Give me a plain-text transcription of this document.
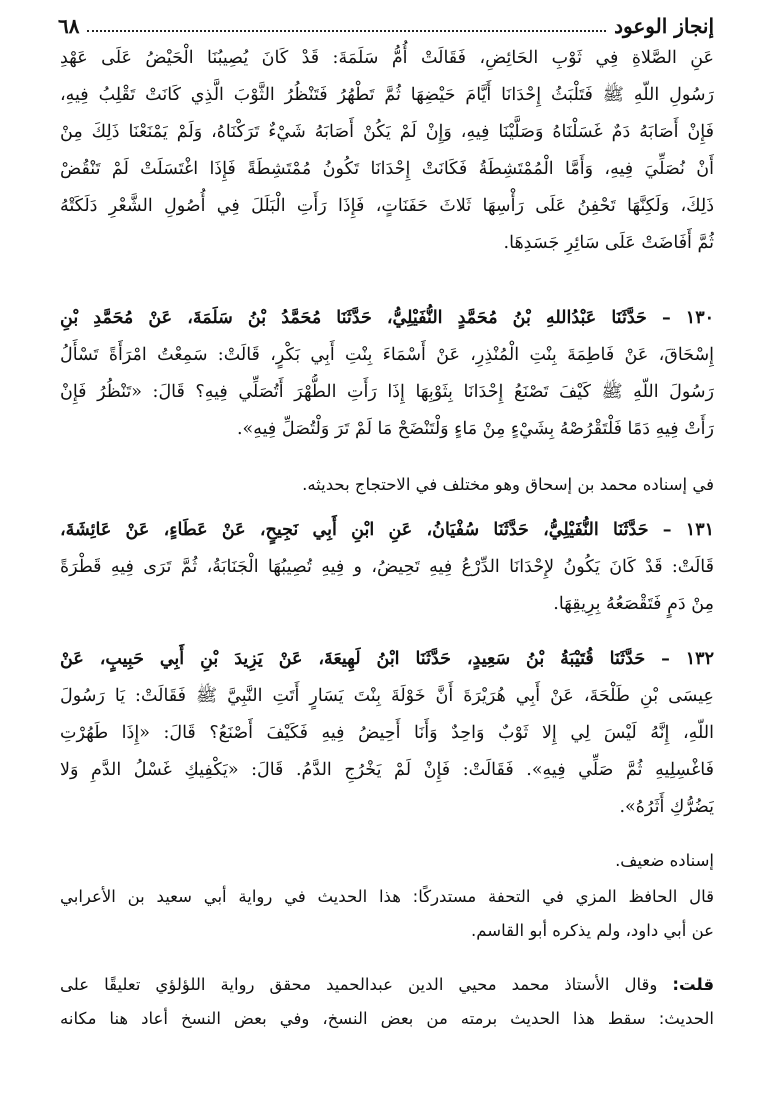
إنجاز الوعود
٦٨
عَنِ الصَّلاةِ فِي ثَوْبِ الحَائِضِ، فَقَالَتْ أُمُّ سَلَمَةَ: قَدْ كَانَ يُصِيبُنَا الْحَيْضُ عَلَى عَهْدِ
رَسُولِ اللّهِ ﷺ فَتَلْبَثُ إِحْدَانَا أَيَّامَ حَيْضِهَا ثُمَّ تَطْهُرُ فَتَنْظُرُ الثَّوْبَ الَّذِي كَانَتْ تَقْلِبُ فِيهِ،
فَإِنْ أَصَابَهُ دَمٌ غَسَلْنَاهُ وَصَلَّيْنَا فِيهِ، وَإِنْ لَمْ يَكُنْ أَصَابَهُ شَيْءٌ تَرَكْنَاهُ، وَلَمْ يَمْنَعْنَا ذَلِكَ مِنْ
أَنْ نُصَلِّيَ فِيهِ، وَأَمَّا الْمُمْتَشِطَةُ فَكَانَتْ إِحْدَانَا تَكُونُ مُمْتَشِطَةً فَإِذَا اغْتَسَلَتْ لَمْ تَنْقُضْ
ذَلِكَ، وَلَكِنَّهَا تَحْفِنُ عَلَى رَأْسِهَا ثَلاثَ حَفَنَاتٍ، فَإِذَا رَأَتِ الْبَلَلَ فِي أُصُولِ الشَّعْرِ دَلَكَتْهُ
ثُمَّ أَفَاضَتْ عَلَى سَائِرِ جَسَدِهَا.
١٣٠ – حَدَّثَنَا عَبْدُاللهِ بْنُ مُحَمَّدٍ النُّفَيْلِيُّ، حَدَّثَنَا مُحَمَّدُ بْنُ سَلَمَةَ، عَنْ مُحَمَّدِ بْنِ
إِسْحَاقَ، عَنْ فَاطِمَةَ بِنْتِ الْمُنْذِرِ، عَنْ أَسْمَاءَ بِنْتِ أَبِي بَكْرٍ، قَالَتْ: سَمِعْتُ امْرَأَةً تَسْأَلُ
رَسُولَ اللّهِ ﷺ كَيْفَ تَصْنَعُ إِحْدَانَا بِثَوْبِهَا إِذَا رَأَتِ الطُّهْرَ أَتُصَلِّي فِيهِ؟ قَالَ: «تَنْظُرُ فَإِنْ
رَأَتْ فِيهِ دَمًا فَلْتَقْرُصْهُ بِشَيْءٍ مِنْ مَاءٍ وَلْتَنْضَحْ مَا لَمْ تَرَ وَلْتُصَلِّ فِيهِ».
في إسناده محمد بن إسحاق وهو مختلف في الاحتجاج بحديثه.
١٣١ – حَدَّثَنَا النُّفَيْلِيُّ، حَدَّثَنَا سُفْيَانُ، عَنِ ابْنِ أَبِي نَجِيحٍ، عَنْ عَطَاءٍ، عَنْ عَائِشَةَ،
قَالَتْ: قَدْ كَانَ يَكُونُ لإِحْدَانَا الدِّرْعُ فِيهِ تَحِيضُ، و فِيهِ تُصِيبُهَا الْجَنَابَةُ، ثُمَّ تَرَى فِيهِ قَطْرَةً
مِنْ دَمٍ فَتَقْصَعُهُ بِرِيقِهَا.
١٣٢ – حَدَّثَنَا قُتَيْبَةُ بْنُ سَعِيدٍ، حَدَّثَنَا ابْنُ لَهِيعَةَ، عَنْ يَزِيدَ بْنِ أَبِي حَبِيبٍ، عَنْ
عِيسَى بْنِ طَلْحَةَ، عَنْ أَبِي هُرَيْرَةَ أَنَّ خَوْلَةَ بِنْتَ يَسَارٍ أَتَتِ النَّبِيَّ ﷺ فَقَالَتْ: يَا رَسُولَ
اللّهِ، إِنَّهُ لَيْسَ لِي إِلا ثَوْبٌ وَاحِدٌ وَأَنَا أَحِيضُ فِيهِ فَكَيْفَ أَصْنَعُ؟ قَالَ: «إِذَا طَهُرْتِ
فَاغْسِلِيهِ ثُمَّ صَلِّي فِيهِ». فَقَالَتْ: فَإِنْ لَمْ يَخْرُجِ الدَّمُ. قَالَ: «يَكْفِيكِ غَسْلُ الدَّمِ وَلا
يَضُرُّكِ أَثَرُهُ».
إسناده ضعيف.
قال الحافظ المزي في التحفة مستدركًا: هذا الحديث في رواية أبي سعيد بن الأعرابي
عن أبي داود، ولم يذكره أبو القاسم.
قلت: وقال الأستاذ محمد محيي الدين عبدالحميد محقق رواية اللؤلؤي تعليقًا على
الحديث: سقط هذا الحديث برمته من بعض النسخ، وفي بعض النسخ أعاد هنا مكانه
